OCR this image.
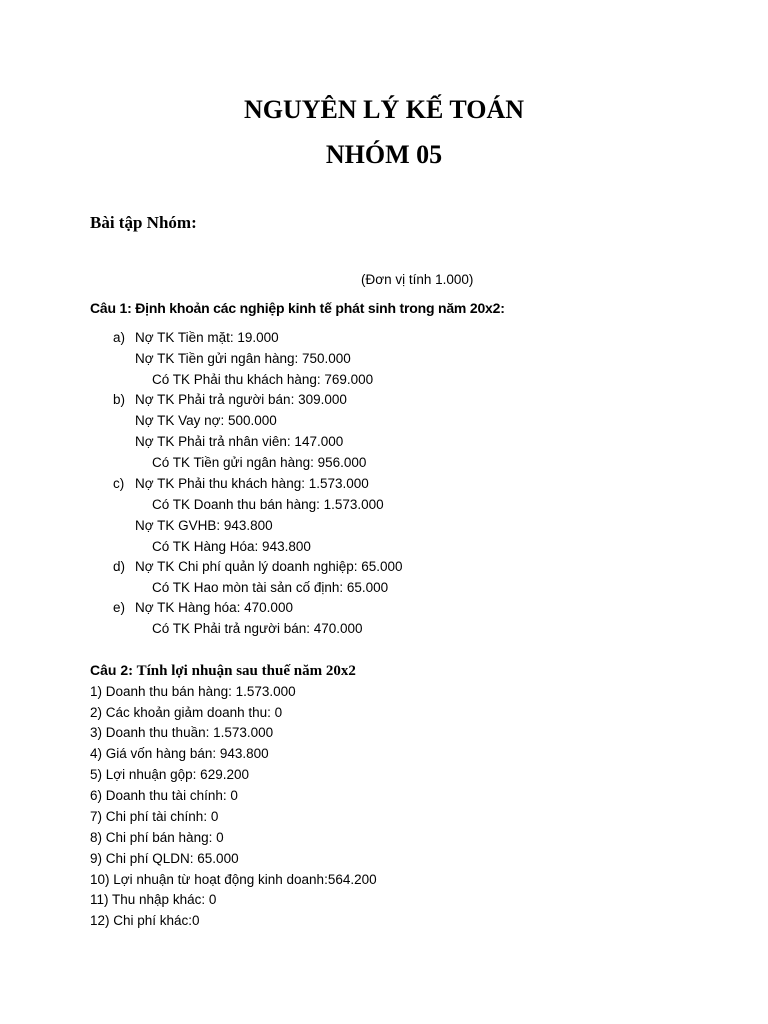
NGUYÊN LÝ KẾ TOÁN
NHÓM 05
Bài tập Nhóm:
(Đơn vị tính 1.000)
Câu 1: Định khoản các nghiệp kinh tế phát sinh trong năm 20x2:
a) Nợ TK Tiền mặt: 19.000
Nợ TK Tiền gửi ngân hàng: 750.000
Có TK Phải thu khách hàng: 769.000
b) Nợ TK Phải trả người bán: 309.000
Nợ TK Vay nợ: 500.000
Nợ TK Phải trả nhân viên: 147.000
Có TK Tiền gửi ngân hàng: 956.000
c) Nợ TK Phải thu khách hàng: 1.573.000
Có TK Doanh thu bán hàng: 1.573.000
Nợ TK GVHB: 943.800
Có TK Hàng Hóa: 943.800
d) Nợ TK Chi phí quản lý doanh nghiệp: 65.000
Có TK Hao mòn tài sản cố định: 65.000
e) Nợ TK Hàng hóa: 470.000
Có TK Phải trả người bán: 470.000
Câu 2: Tính lợi nhuận sau thuế năm 20x2
1) Doanh thu bán hàng: 1.573.000
2) Các khoản giảm doanh thu: 0
3) Doanh thu thuần: 1.573.000
4) Giá vốn hàng bán: 943.800
5) Lợi nhuận gộp: 629.200
6) Doanh thu tài chính: 0
7) Chi phí tài chính: 0
8) Chi phí bán hàng: 0
9) Chi phí QLDN: 65.000
10) Lợi nhuận từ hoạt động kinh doanh:564.200
11) Thu nhập khác: 0
12) Chi phí khác:0
